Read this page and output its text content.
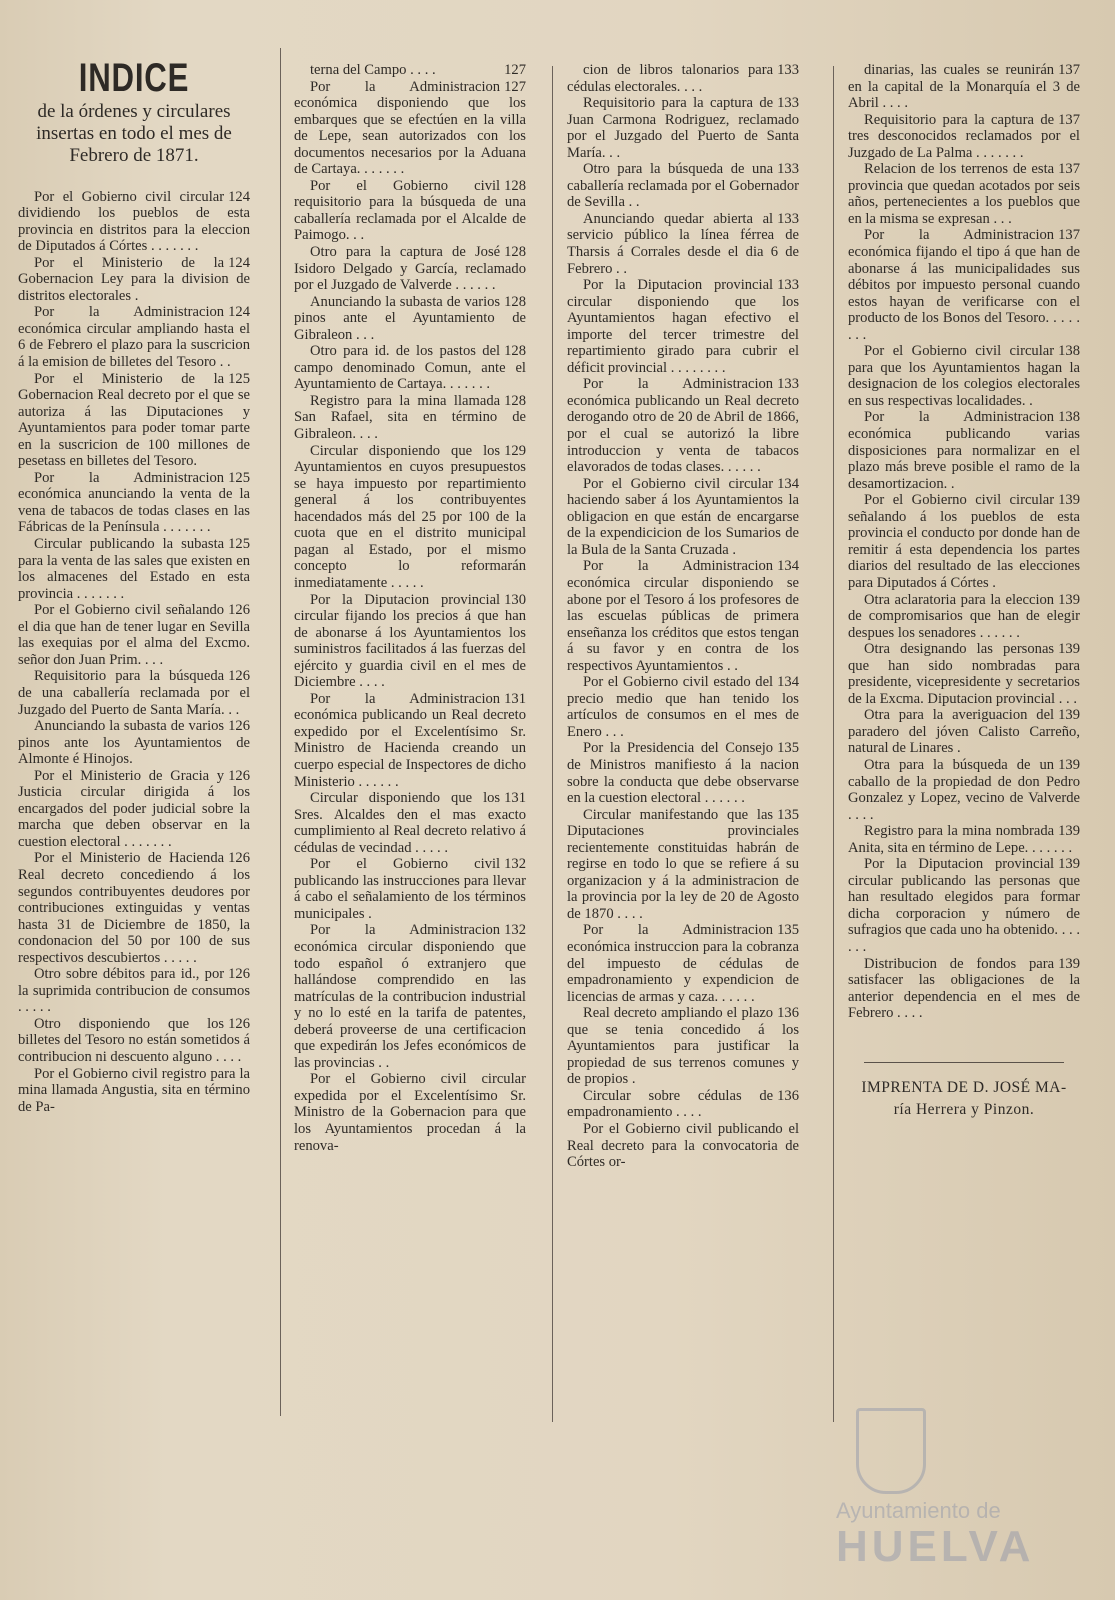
INDICE
de la órdenes y circulares insertas en todo el mes de Febrero de 1871.

124
Por el Gobierno civil circular dividiendo los pueblos de esta provincia en distritos para la eleccion de Diputados á Córtes . . . . . . .

124
Por el Ministerio de la Gobernacion Ley para la division de distritos electorales .

124
Por la Administracion económica circular ampliando hasta el 6 de Febrero el plazo para la suscricion á la emision de billetes del Tesoro . .

125
Por el Ministerio de la Gobernacion Real decreto por el que se autoriza á las Diputaciones y Ayuntamientos para poder tomar parte en la suscricion de 100 millones de pesetass en billetes del Tesoro.

125
Por la Administracion económica anunciando la venta de la vena de tabacos de todas clases en las Fábricas de la Península . . . . . . .

125
Circular publicando la subasta para la venta de las sales que existen en los almacenes del Estado en esta provincia . . . . . . .

126
Por el Gobierno civil señalando el dia que han de tener lugar en Sevilla las exequias por el alma del Excmo. señor don Juan Prim. . . .

126
Requisitorio para la búsqueda de una caballería reclamada por el Juzgado del Puerto de Santa María. . .

126
Anunciando la subasta de varios pinos ante los Ayuntamientos de Almonte é Hinojos.

126
Por el Ministerio de Gracia y Justicia circular dirigida á los encargados del poder judicial sobre la marcha que deben observar en la cuestion electoral . . . . . . .

126
Por el Ministerio de Hacienda Real decreto concediendo á los segundos contribuyentes deudores por contribuciones extinguidas y ventas hasta 31 de Diciembre de 1850, la condonacion del 50 por 100 de sus respectivos descubiertos . . . . .

126
Otro sobre débitos para id., por la suprimida contribucion de consumos . . . . .

126
Otro disponiendo que los billetes del Tesoro no están sometidos á contribucion ni descuento alguno . . . .

Por el Gobierno civil registro para la mina llamada Angustia, sita en término de Pa-

127
terna del Campo . . . .

127
Por la Administracion económica disponiendo que los embarques que se efectúen en la villa de Lepe, sean autorizados con los documentos necesarios por la Aduana de Cartaya. . . . . . .

128
Por el Gobierno civil requisitorio para la búsqueda de una caballería reclamada por el Alcalde de Paimogo. . .

128
Otro para la captura de José Isidoro Delgado y García, reclamado por el Juzgado de Valverde . . . . . .

128
Anunciando la subasta de varios pinos ante el Ayuntamiento de Gibraleon . . .

128
Otro para id. de los pastos del campo denominado Comun, ante el Ayuntamiento de Cartaya. . . . . . .

128
Registro para la mina llamada San Rafael, sita en término de Gibraleon. . . .

129
Circular disponiendo que los Ayuntamientos en cuyos presupuestos se haya impuesto por repartimiento general á los contribuyentes hacendados más del 25 por 100 de la cuota que en el distrito municipal pagan al Estado, por el mismo concepto lo reformarán inmediatamente . . . . .

130
Por la Diputacion provincial circular fijando los precios á que han de abonarse á los Ayuntamientos los suministros facilitados á las fuerzas del ejército y guardia civil en el mes de Diciembre . . . .

131
Por la Administracion económica publicando un Real decreto expedido por el Excelentísimo Sr. Ministro de Hacienda creando un cuerpo especial de Inspectores de dicho Ministerio . . . . . .

131
Circular disponiendo que los Sres. Alcaldes den el mas exacto cumplimiento al Real decreto relativo á cédulas de vecindad . . . . .

132
Por el Gobierno civil publicando las instrucciones para llevar á cabo el señalamiento de los términos municipales .

132
Por la Administracion económica circular disponiendo que todo español ó extranjero que hallándose comprendido en las matrículas de la contribucion industrial y no lo esté en la tarifa de patentes, deberá proveerse de una certificacion que expedirán los Jefes económicos de las provincias . .

Por el Gobierno civil circular expedida por el Excelentísimo Sr. Ministro de la Gobernacion para que los Ayuntamientos procedan á la renova-

133
cion de libros talonarios para cédulas electorales. . . .

133
Requisitorio para la captura de Juan Carmona Rodriguez, reclamado por el Juzgado del Puerto de Santa María. . .

133
Otro para la búsqueda de una caballería reclamada por el Gobernador de Sevilla . .

133
Anunciando quedar abierta al servicio público la línea férrea de Tharsis á Corrales desde el dia 6 de Febrero . .

133
Por la Diputacion provincial circular disponiendo que los Ayuntamientos hagan efectivo el importe del tercer trimestre del repartimiento girado para cubrir el déficit provincial . . . . . . . .

133
Por la Administracion económica publicando un Real decreto derogando otro de 20 de Abril de 1866, por el cual se autorizó la libre introduccion y venta de tabacos elavorados de todas clases. . . . . .

134
Por el Gobierno civil circular haciendo saber á los Ayuntamientos la obligacion en que están de encargarse de la expendicicion de los Sumarios de la Bula de la Santa Cruzada .

134
Por la Administracion económica circular disponiendo se abone por el Tesoro á los profesores de las escuelas públicas de primera enseñanza los créditos que estos tengan á su favor y en contra de los respectivos Ayuntamientos . .

134
Por el Gobierno civil estado del precio medio que han tenido los artículos de consumos en el mes de Enero . . .

135
Por la Presidencia del Consejo de Ministros manifiesto á la nacion sobre la conducta que debe observarse en la cuestion electoral . . . . . .

135
Circular manifestando que las Diputaciones provinciales recientemente constituidas habrán de regirse en todo lo que se refiere á su organizacion y á la administracion de la provincia por la ley de 20 de Agosto de 1870 . . . .

135
Por la Administracion económica instruccion para la cobranza del impuesto de cédulas de empadronamiento y expendicion de licencias de armas y caza. . . . . .

136
Real decreto ampliando el plazo que se tenia concedido á los Ayuntamientos para justificar la propiedad de sus terrenos comunes y de propios .

136
Circular sobre cédulas de empadronamiento . . . .

Por el Gobierno civil publicando el Real decreto para la convocatoria de Córtes or-

137
dinarias, las cuales se reunirán en la capital de la Monarquía el 3 de Abril . . . .

137
Requisitorio para la captura de tres desconocidos reclamados por el Juzgado de La Palma . . . . . . .

137
Relacion de los terrenos de esta provincia que quedan acotados por seis años, pertenecientes a los pueblos que en la misma se expresan . . .

137
Por la Administracion económica fijando el tipo á que han de abonarse á las municipalidades sus débitos por impuesto personal cuando estos hayan de verificarse con el producto de los Bonos del Tesoro. . . . . . . .

138
Por el Gobierno civil circular para que los Ayuntamientos hagan la designacion de los colegios electorales en sus respectivas localidades. .

138
Por la Administracion económica publicando varias disposiciones para normalizar en el plazo más breve posible el ramo de la desamortizacion. .

139
Por el Gobierno civil circular señalando á los pueblos de esta provincia el conducto por donde han de remitir á esta dependencia los partes diarios del resultado de las elecciones para Diputados á Córtes .

139
Otra aclaratoria para la eleccion de compromisarios que han de elegir despues los senadores . . . . . .

139
Otra designando las personas que han sido nombradas para presidente, vicepresidente y secretarios de la Excma. Diputacion provincial . . .

139
Otra para la averiguacion del paradero del jóven Calisto Carreño, natural de Linares .

139
Otra para la búsqueda de un caballo de la propiedad de don Pedro Gonzalez y Lopez, vecino de Valverde . . . .

139
Registro para la mina nombrada Anita, sita en término de Lepe. . . . . . .

139
Por la Diputacion provincial circular publicando las personas que han resultado elegidos para formar dicha corporacion y número de sufragios que cada uno ha obtenido. . . . . . .

139
Distribucion de fondos para satisfacer las obligaciones de la anterior dependencia en el mes de Febrero . . . .

IMPRENTA DE D. JOSÉ MA-
ría Herrera y Pinzon.
Ayuntamiento de
HUELVA
